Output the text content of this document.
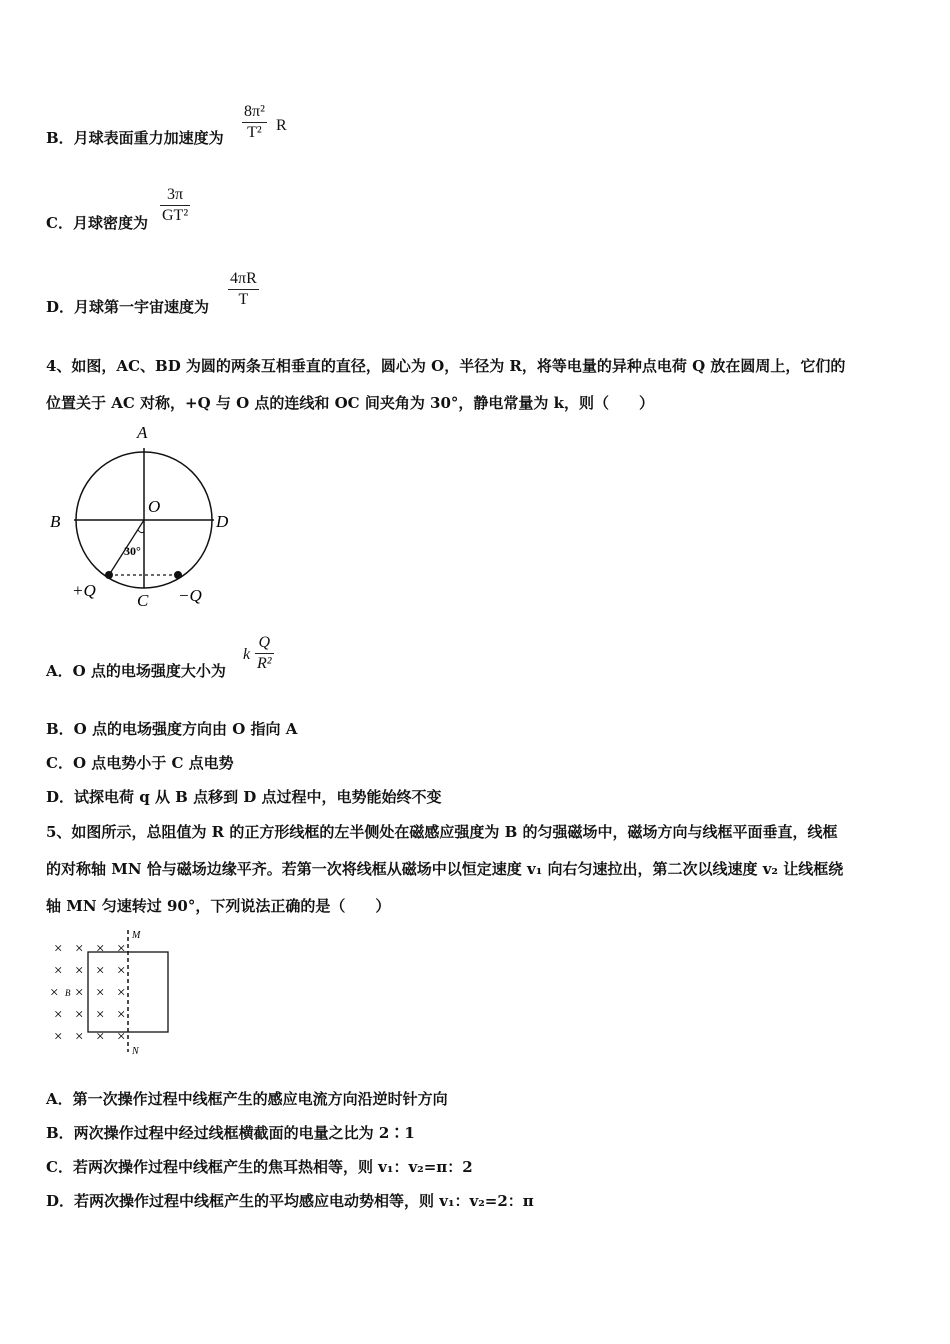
B．月球表面重力加速度为
8π²
T² R
C．月球密度为
3π
GT²
D．月球第一宇宙速度为
4πR
T
4、如图，AC、BD 为圆的两条互相垂直的直径，圆心为 O，半径为 R，将等电量的异种点电荷 Q 放在圆周上，它们的
位置关于 AC 对称，+Q 与 O 点的连线和 OC 间夹角为 30°，静电常量为 k，则（　　）
A
B	D
O
C
30°
+Q	−Q
A．O 点的电场强度大小为
k
Q
R²
B．O 点的电场强度方向由 O 指向 A
C．O 点电势小于 C 点电势
D．试探电荷 q 从 B 点移到 D 点过程中，电势能始终不变
5、如图所示，总阻值为 R 的正方形线框的左半侧处在磁感应强度为 B 的匀强磁场中，磁场方向与线框平面垂直，线框
的对称轴 MN 恰与磁场边缘平齐。若第一次将线框从磁场中以恒定速度 v₁ 向右匀速拉出，第二次以线速度 v₂ 让线框绕
轴 MN 匀速转过 90°，下列说法正确的是（　　）
× × × ×
× × × ×
× × × ×
× × × ×
× × × ×
M
N
B
A．第一次操作过程中线框产生的感应电流方向沿逆时针方向
B．两次操作过程中经过线框横截面的电量之比为 2∶1
C．若两次操作过程中线框产生的焦耳热相等，则 v₁：v₂=π：2
D．若两次操作过程中线框产生的平均感应电动势相等，则 v₁：v₂=2：π
